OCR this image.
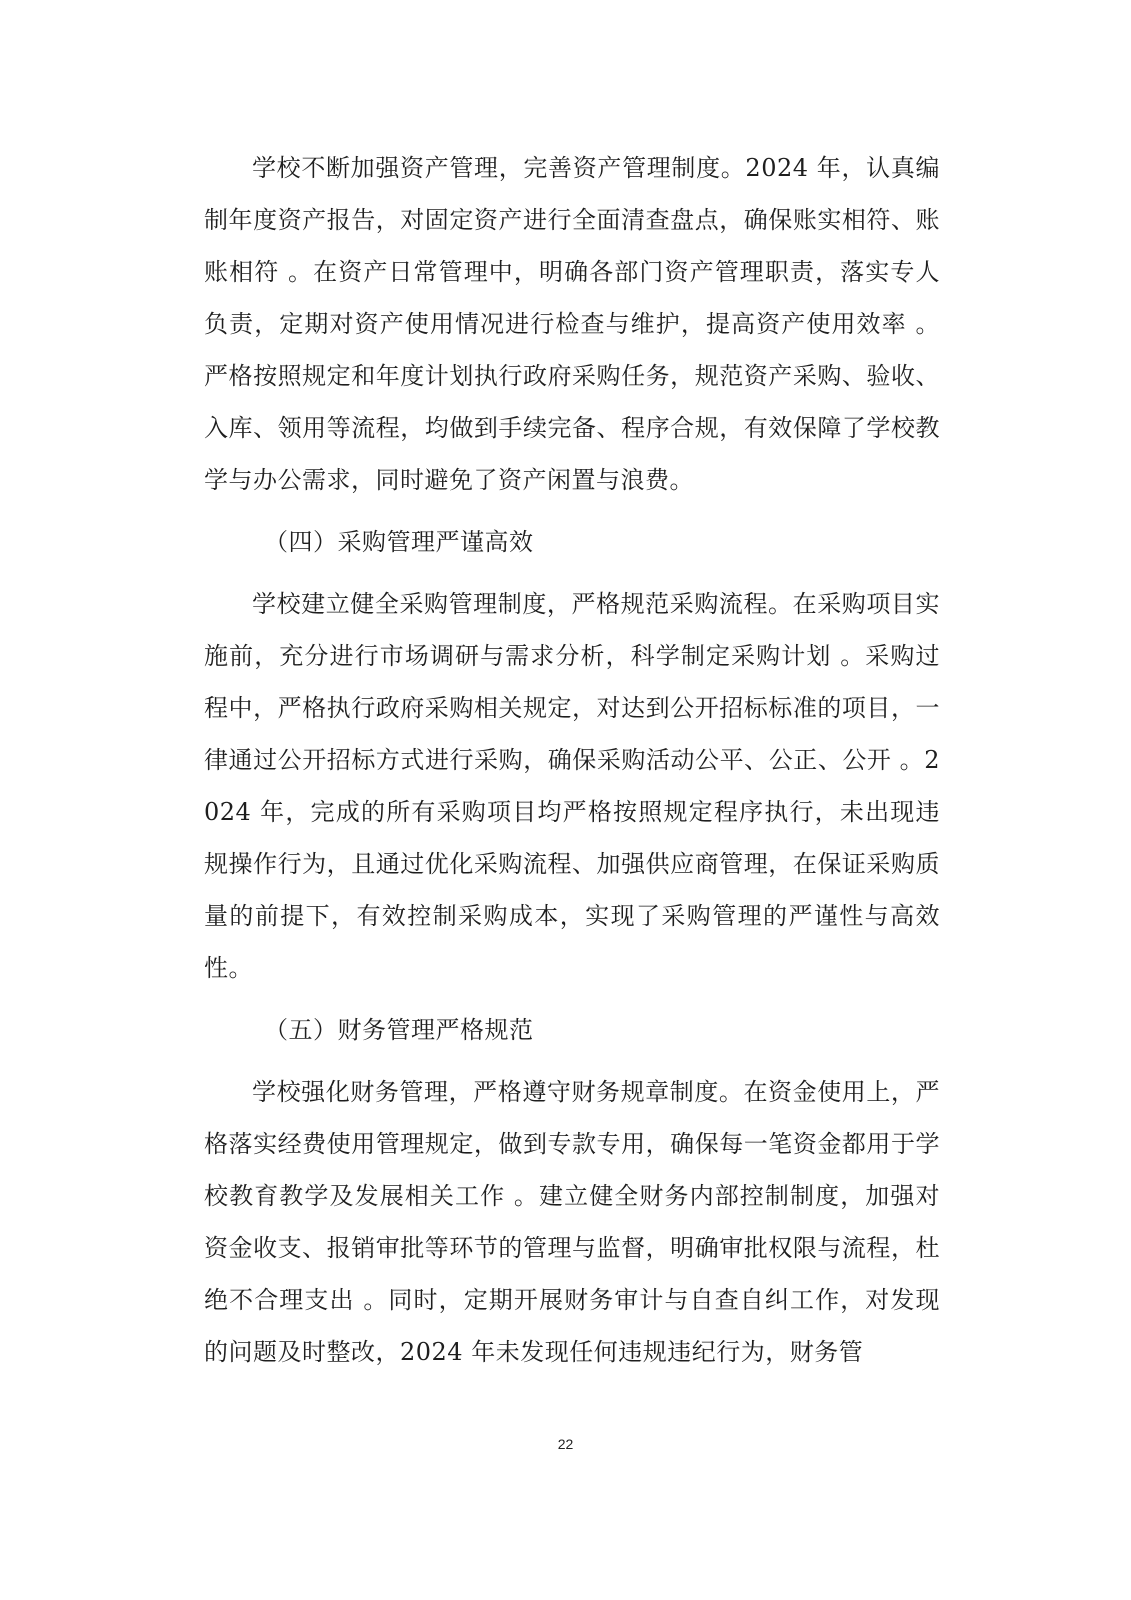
学校不断加强资产管理，完善资产管理制度。2024 年，认真编制年度资产报告，对固定资产进行全面清查盘点，确保账实相符、账账相符 。在资产日常管理中，明确各部门资产管理职责，落实专人负责，定期对资产使用情况进行检查与维护，提高资产使用效率 。严格按照规定和年度计划执行政府采购任务，规范资产采购、验收、入库、领用等流程，均做到手续完备、程序合规，有效保障了学校教学与办公需求，同时避免了资产闲置与浪费。

（四）采购管理严谨高效

学校建立健全采购管理制度，严格规范采购流程。在采购项目实施前，充分进行市场调研与需求分析，科学制定采购计划 。采购过程中，严格执行政府采购相关规定，对达到公开招标标准的项目，一律通过公开招标方式进行采购，确保采购活动公平、公正、公开 。2024 年，完成的所有采购项目均严格按照规定程序执行，未出现违规操作行为，且通过优化采购流程、加强供应商管理，在保证采购质量的前提下，有效控制采购成本，实现了采购管理的严谨性与高效性。

（五）财务管理严格规范

学校强化财务管理，严格遵守财务规章制度。在资金使用上，严格落实经费使用管理规定，做到专款专用，确保每一笔资金都用于学校教育教学及发展相关工作 。建立健全财务内部控制制度，加强对资金收支、报销审批等环节的管理与监督，明确审批权限与流程，杜绝不合理支出 。同时，定期开展财务审计与自查自纠工作，对发现的问题及时整改，2024 年未发现任何违规违纪行为，财务管

22
